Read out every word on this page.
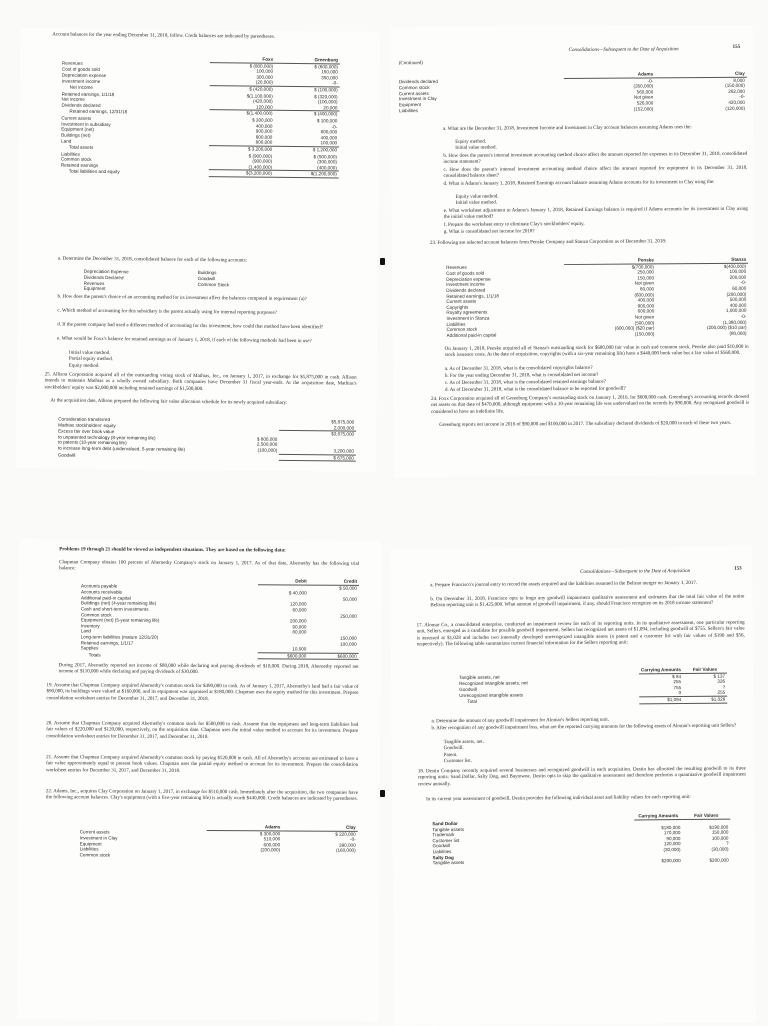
Account balances for the year ending December 31, 2018, follow. Credit balances are indicated by parentheses.
	Foxx	Greenburg
Revenues	$ (800,000)	$ (600,000)
Cost of goods sold	100,000	150,000
Depreciation expense	300,000	350,000
Investment income	(20,000)	-0-
Net income	$ (420,000)	$ (100,000)

Retained earnings, 1/1/18	$(1,100,000)	$ (320,000)
Net income	(420,000)	(100,000)
Dividends declared	120,000	20,000
Retained earnings, 12/31/18	$(1,400,000)	$ (400,000)

Current assets	$ 300,000	$ 100,000
Investment in subsidiary	400,000	-0-
Equipment (net)	900,000	600,000
Buildings (net)	800,000	400,000
Land	800,000	100,000
Total assets	$ 3,200,000	$ 1,200,000

Liabilities	$ (900,000)	$ (500,000)
Common stock	(900,000)	(300,000)
Retained earnings	(1,400,000)	(400,000)
Total liabilities and equity	$(3,200,000)	$(1,200,000)
a. Determine the December 31, 2018, consolidated balance for each of the following accounts:
Depreciation Expense
Dividends Declared
Revenues
Equipment
Buildings
Goodwill
Common Stock
b. How does the parent's choice of an accounting method for its investment affect the balances computed in requirement (a)?
c. Which method of accounting for this subsidiary is the parent actually using for internal reporting purposes?
d. If the parent company had used a different method of accounting for this investment, how could that method have been identified?
e. What would be Foxx's balance for retained earnings as of January 1, 2018, if each of the following methods had been in use?
Initial value method.
Partial equity method.
Equity method.
25. Allison Corporation acquired all of the outstanding voting stock of Mathias, Inc., on January 1, 2017, in exchange for $5,875,000 in cash. Allison intends to maintain Mathias as a wholly owned subsidiary. Both companies have December 31 fiscal year-ends. At the acquisition date, Mathias's stockholders' equity was $2,000,000 including retained earnings of $1,500,000.
At the acquisition date, Allison prepared the following fair value allocation schedule for its newly acquired subsidiary:
Consideration transferred		$5,875,000
Mathias stockholders' equity		2,000,000
Excess fair over book value		$3,875,000
to unpatented technology (8-year remaining life)	$ 800,000	
to patents (10-year remaining life)	2,500,000	
to increase long-term debt (undervalued, 5-year remaining life)	(100,000)	3,200,000
Goodwill		$ 675,000
Consolidations—Subsequent to the Date of Acquisition	155
(Continued)
	Adams	Clay
Dividends declared	-0-	8,000
Common stock	(350,000)	(150,000)
Current assets	560,000	262,000
Investment in Clay	Not given	-0-
Equipment	526,000	420,000
Liabilities	(152,000)	(120,000)
a. What are the December 31, 2018, Investment Income and Investment in Clay account balances assuming Adams uses the:
Equity method.
Initial value method.
b. How does the parent's internal investment accounting method choice affect the amount reported for expenses in its December 31, 2018, consolidated income statement?
c. How does the parent's internal investment accounting method choice affect the amount reported for equipment in its December 31, 2018, consolidated balance sheet?
d. What is Adams's January 1, 2018, Retained Earnings account balance assuming Adams accounts for its investment in Clay using the:
Equity value method.
Initial value method.
e. What worksheet adjustment to Adams's January 1, 2018, Retained Earnings balance is required if Adams accounts for its investment in Clay using the initial value method?
f. Prepare the worksheet entry to eliminate Clay's stockholders' equity.
g. What is consolidated net income for 2018?
23. Following are selected account balances from Penske Company and Stanza Corporation as of December 31, 2018:
	Penske	Stanza
Revenues	$(700,000)	$(400,000)
Cost of goods sold	250,000	100,000
Depreciation expense	150,000	200,000
Investment income	Not given	-0-
Dividends declared	80,000	60,000
Retained earnings, 1/1/18	(600,000)	(200,000)
Current assets	400,000	500,000
Copyrights	900,000	400,000
Royalty agreements	600,000	1,000,000
Investment in Stanza	Not given	-0-
Liabilities	(500,000)	(1,380,000)
Common stock	(600,000) ($20 par)	(200,000) ($10 par)
Additional paid-in capital	(150,000)	(80,000)
On January 1, 2018, Penske acquired all of Stanza's outstanding stock for $680,000 fair value in cash and common stock. Penske also paid $10,000 in stock issuance costs. At the date of acquisition, copyrights (with a six-year remaining life) have a $440,000 book value but a fair value of $560,000.
a. As of December 31, 2018, what is the consolidated copyrights balance?
b. For the year ending December 31, 2018, what is consolidated net income?
c. As of December 31, 2018, what is the consolidated retained earnings balance?
d. As of December 31, 2018, what is the consolidated balance to be reported for goodwill?
24. Foxx Corporation acquired all of Greenburg Company's outstanding stock on January 1, 2016, for $600,000 cash. Greenburg's accounting records showed net assets on that date of $470,000, although equipment with a 10-year remaining life was undervalued on the records by $90,000. Any recognized goodwill is considered to have an indefinite life.
Greenburg reports net income in 2016 of $90,000 and $100,000 in 2017. The subsidiary declared dividends of $20,000 in each of these two years.
Problems 19 through 21 should be viewed as independent situations. They are based on the following data:
Chapman Company obtains 100 percent of Abernethy Company's stock on January 1, 2017. As of that date, Abernethy has the following trial balance:
	Debit	Credit
Accounts payable		$ 50,000
Accounts receivable	$ 40,000	
Additional paid-in capital		50,000
Buildings (net) (4-year remaining life)	120,000	
Cash and short-term investments	60,000	
Common stock		250,000
Equipment (net) (5-year remaining life)	200,000	
Inventory	90,000	
Land	80,000	
Long-term liabilities (mature 12/31/20)		150,000
Retained earnings, 1/1/17		100,000
Supplies	10,000	
Totals	$600,000	$600,000
During 2017, Abernethy reported net income of $80,000 while declaring and paying dividends of $10,000. During 2018, Abernethy reported net income of $110,000 while declaring and paying dividends of $30,000.
19. Assume that Chapman Company acquired Abernethy's common stock for $490,000 in cash. As of January 1, 2017, Abernethy's land had a fair value of $90,000, its buildings were valued at $160,000, and its equipment was appraised at $180,000. Chapman uses the equity method for this investment. Prepare consolidation worksheet entries for December 31, 2017, and December 31, 2018.
20. Assume that Chapman Company acquired Abernethy's common stock for $500,000 in cash. Assume that the equipment and long-term liabilities had fair values of $220,000 and $120,000, respectively, on the acquisition date. Chapman uses the initial value method to account for its investment. Prepare consolidation worksheet entries for December 31, 2017, and December 31, 2018.
21. Assume that Chapman Company acquired Abernethy's common stock by paying $520,000 in cash. All of Abernethy's accounts are estimated to have a fair value approximately equal to present book values. Chapman uses the partial equity method to account for its investment. Prepare the consolidation worksheet entries for December 31, 2017, and December 31, 2018.
22. Adams, Inc., acquires Clay Corporation on January 1, 2017, in exchange for $510,000 cash. Immediately after the acquisition, the two companies have the following account balances. Clay's equipment (with a five-year remaining life) is actually worth $440,000. Credit balances are indicated by parentheses.
	Adams	Clay
Current assets	$ 300,000	$ 220,000
Investment in Clay	510,000	-0-
Equipment	600,000	390,000
Liabilities	(200,000)	(160,000)
Common stock		
Consolidations—Subsequent to the Date of Acquisition	153
a. Prepare Francisco's journal entry to record the assets acquired and the liabilities assumed in the Beltran merger on January 1, 2017.
b. On December 31, 2018, Francisco opts to forgo any goodwill impairment qualitative assessment and estimates that the total fair value of the entire Beltran reporting unit is $1,425,000. What amount of goodwill impairment, if any, should Francisco recognize on its 2018 income statement?
17. Alomar Co., a consolidated enterprise, conducted an impairment review for each of its reporting units. In its qualitative assessment, one particular reporting unit, Sellers, emerged as a candidate for possible goodwill impairment. Sellers has recognized net assets of $1,094, including goodwill of $755. Sellers's fair value is assessed at $1,028 and includes two internally developed unrecognized intangible assets (a patent and a customer list with fair values of $190 and $56, respectively). The following table summarizes current financial information for the Sellers reporting unit:
	Carrying Amounts	Fair Values
Tangible assets, net	$ 84	$ 137
Recognized intangible assets, net	255	326
Goodwill	755	?
Unrecognized intangible assets	0	255
Total	$1,094	$1,028
a. Determine the amount of any goodwill impairment for Alomar's Sellers reporting unit.
b. After recognition of any goodwill impairment loss, what are the reported carrying amounts for the following assets of Alomar's reporting unit Sellers?
Tangible assets, net.
Goodwill.
Patent.
Customer list.
18. Destin Company recently acquired several businesses and recognized goodwill in each acquisition. Destin has allocated the resulting goodwill to its three reporting units: Sand Dollar, Salty Dog, and Baytowne. Destin opts to skip the qualitative assessment and therefore performs a quantitative goodwill impairment review annually.
In its current year assessment of goodwill, Destin provides the following individual asset and liability values for each reporting unit:
	Carrying Amounts	Fair Values
Sand Dollar		
Tangible assets	$180,000	$190,000
Trademark	170,000	150,000
Customer list	90,000	100,000
Goodwill	120,000	?
Liabilities	(30,000)	(30,000)
Salty Dog		
Tangible assets	$200,000	$200,000
